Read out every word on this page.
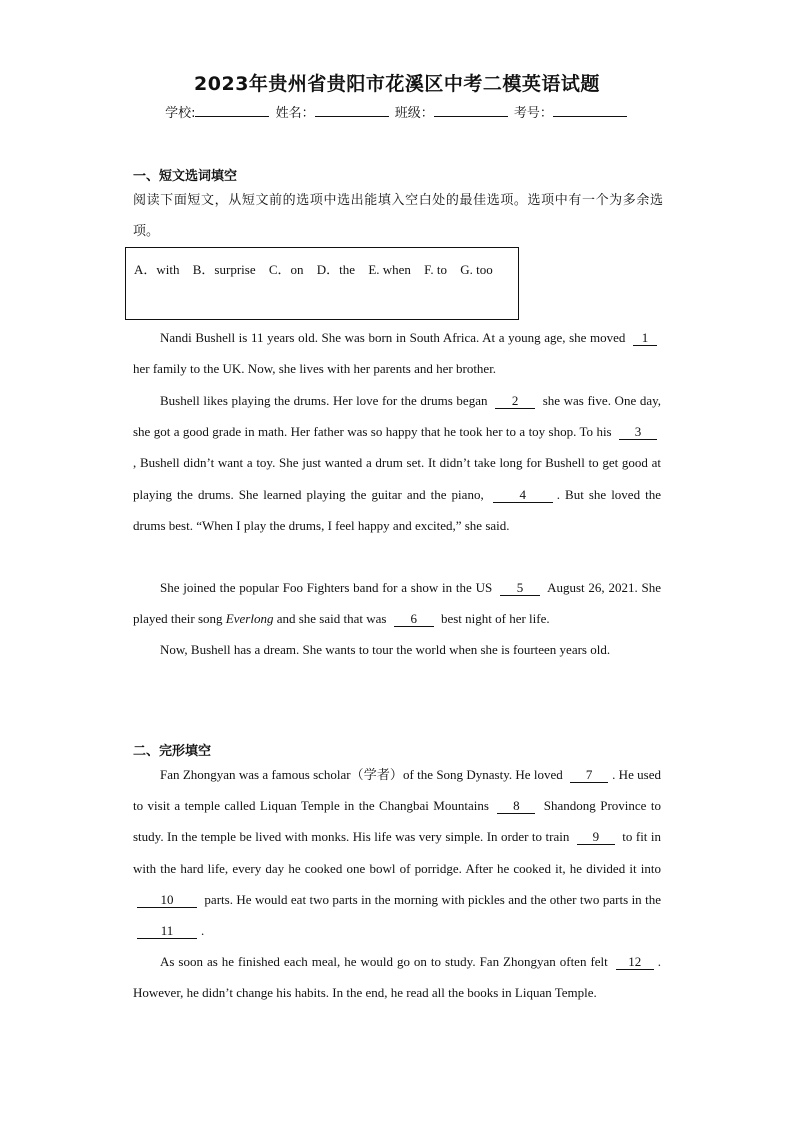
2023年贵州省贵阳市花溪区中考二模英语试题
学校:	姓名：	班级：	考号：
一、短文选词填空
阅读下面短文，从短文前的选项中选出能填入空白处的最佳选项。选项中有一个为多余选项。
A．with B．surprise C．on D．the E. when F. to G. too

Nandi Bushell is 11 years old. She was born in South Africa. At a young age, she moved 1 her family to the UK. Now, she lives with her parents and her brother.

Bushell likes playing the drums. Her love for the drums began 2 she was five. One day, she got a good grade in math. Her father was so happy that he took her to a toy shop. To his 3, Bushell didn’t want a toy. She just wanted a drum set. It didn’t take long for Bushell to get good at playing the drums. She learned playing the guitar and the piano, 4 . But she loved the drums best. “When I play the drums, I feel happy and excited,” she said.

She joined the popular Foo Fighters band for a show in the US 5 August 26, 2021. She played their song Everlong and she said that was 6 best night of her life.

Now, Bushell has a dream. She wants to tour the world when she is fourteen years old.

二、完形填空

Fan Zhongyan was a famous scholar（学者）of the Song Dynasty. He loved 7 . He used to visit a temple called Liquan Temple in the Changbai Mountains 8 Shandong Province to study. In the temple be lived with monks. His life was very simple. In order to train 9 to fit in with the hard life, every day he cooked one bowl of porridge. After he cooked it, he divided it into 10 parts. He would eat two parts in the morning with pickles and the other two parts in the 11 .

As soon as he finished each meal, he would go on to study. Fan Zhongyan often felt 12 . However, he didn’t change his habits. In the end, he read all the books in Liquan Temple.
